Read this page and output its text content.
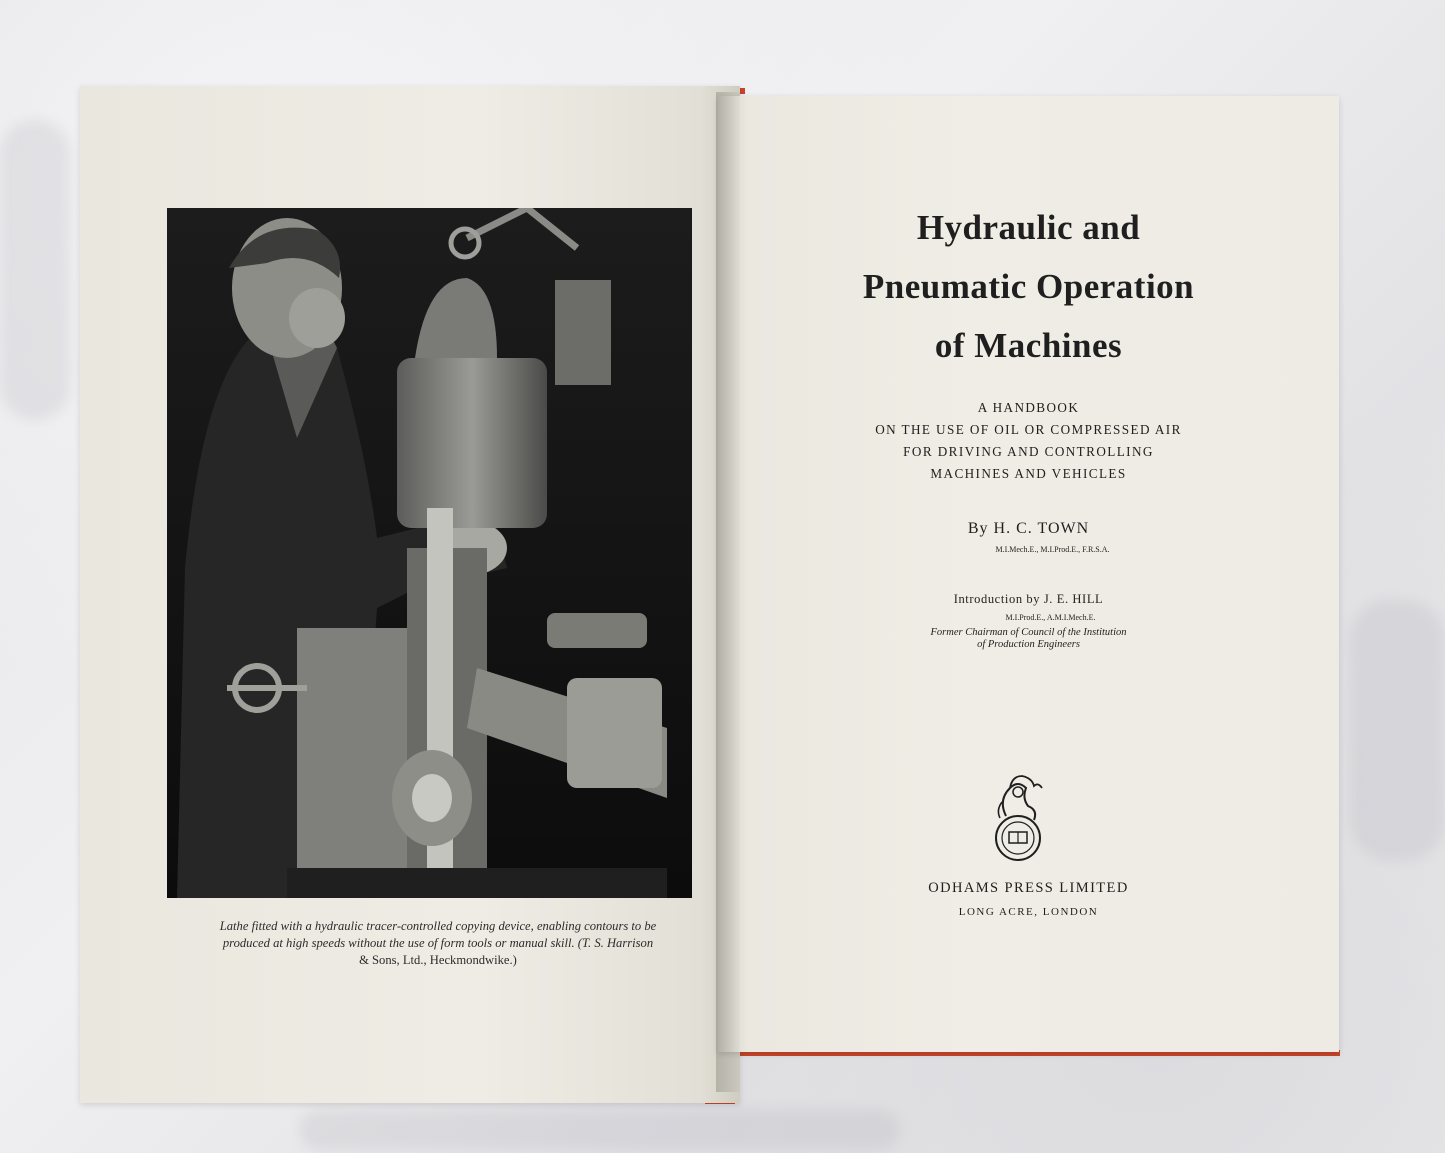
Lathe fitted with a hydraulic tracer-controlled copying device, enabling contours to be
produced at high speeds without the use of form tools or manual skill. (T. S. Harrison
& Sons, Ltd., Heckmondwike.)
Hydraulic and
Pneumatic Operation
of Machines
A HANDBOOK
ON THE USE OF OIL OR COMPRESSED AIR
FOR DRIVING AND CONTROLLING
MACHINES AND VEHICLES
By H. C. TOWN
M.I.Mech.E., M.I.Prod.E., F.R.S.A.
Introduction by J. E. HILL
M.I.Prod.E., A.M.I.Mech.E.
Former Chairman of Council of the Institution
of Production Engineers
ODHAMS PRESS LIMITED
LONG ACRE, LONDON
